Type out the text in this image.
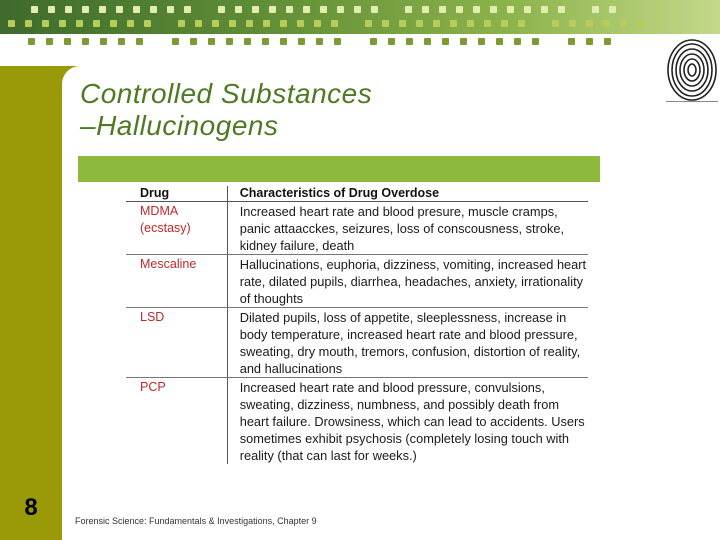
8
Controlled Substances
–Hallucinogens
Drug	Characteristics of Drug Overdose
MDMA (ecstasy)	Increased heart rate and blood presure, muscle cramps, panic attaacckes, seizures, loss of conscousness, stroke, kidney failure, death
Mescaline	Hallucinations, euphoria, dizziness, vomiting, increased heart rate, dilated pupils, diarrhea, headaches, anxiety, irrationality of thoughts
LSD	Dilated pupils, loss of appetite, sleeplessness, increase in body temperature, increased heart rate and blood pressure, sweating, dry mouth, tremors, confusion, distortion of reality, and hallucinations
PCP	Increased heart rate and blood pressure, convulsions, sweating, dizziness, numbness, and possibly death from heart failure. Drowsiness, which can lead to accidents. Users sometimes exhibit psychosis (completely losing touch with reality (that can last for weeks.)
Forensic Science: Fundamentals & Investigations, Chapter 9
